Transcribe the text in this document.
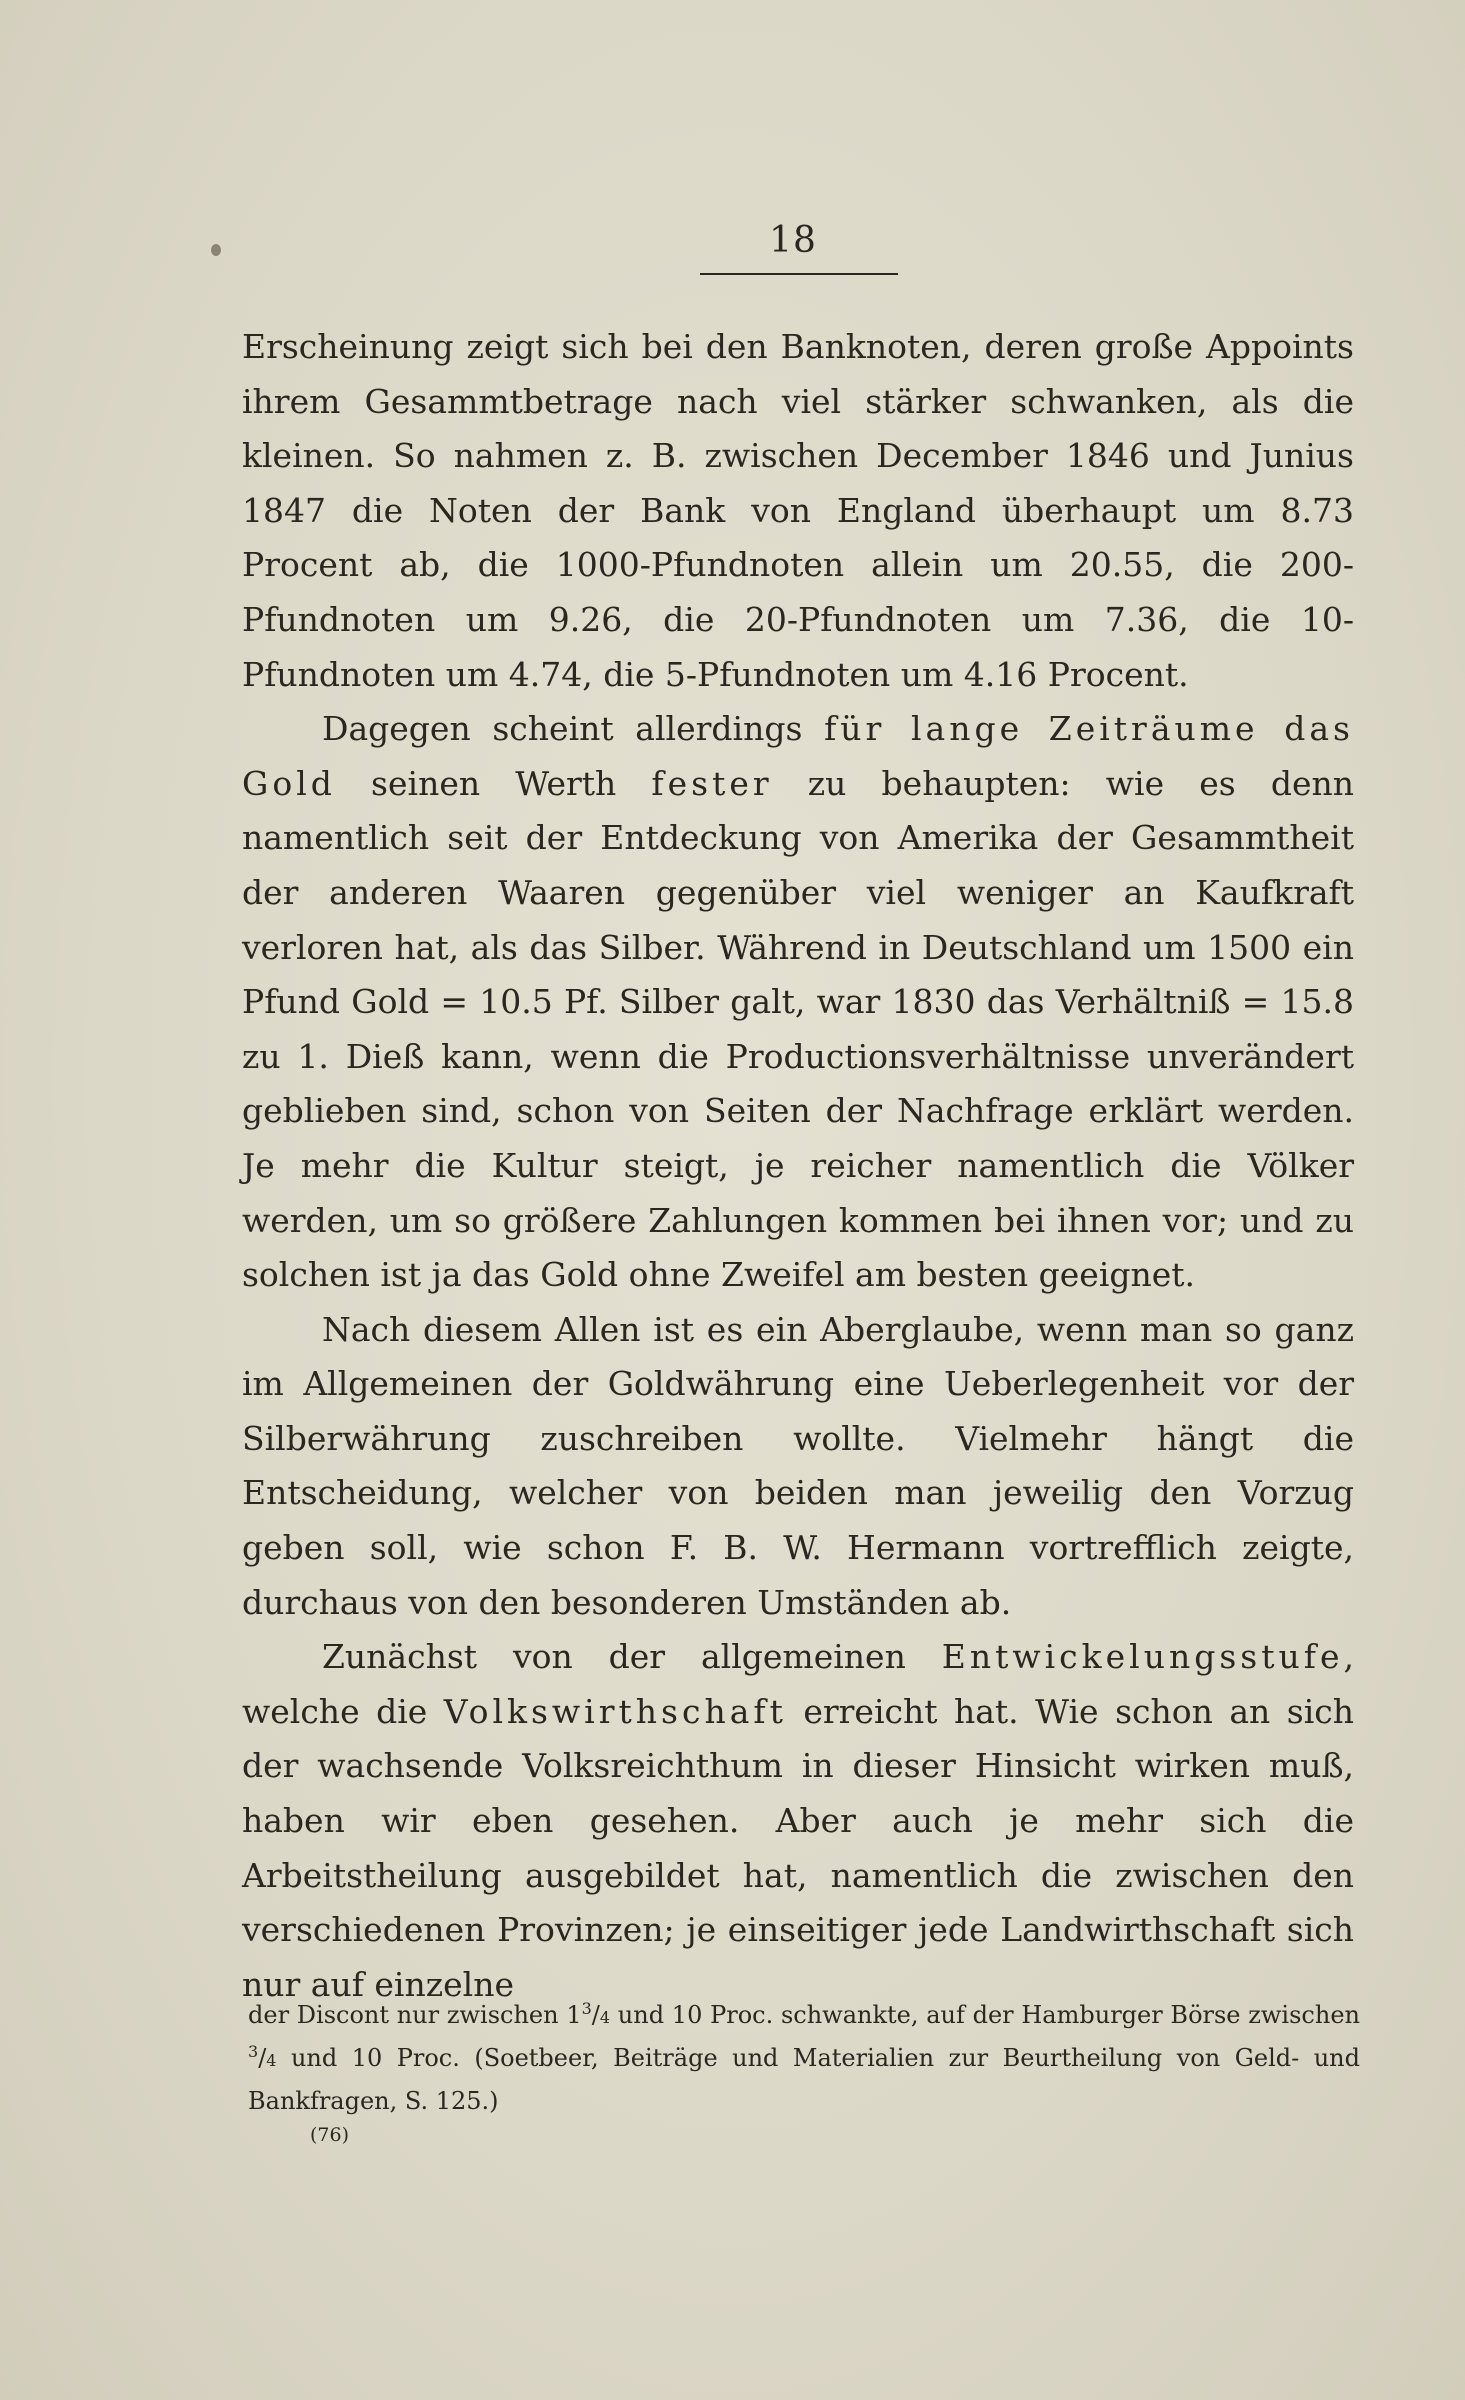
18

Erscheinung zeigt sich bei den Banknoten, deren große Appoints ihrem Gesammtbetrage nach viel stärker schwanken, als die kleinen. So nahmen z. B. zwischen December 1846 und Junius 1847 die Noten der Bank von England überhaupt um 8.73 Procent ab, die 1000-Pfundnoten allein um 20.55, die 200-Pfundnoten um 9.26, die 20-Pfundnoten um 7.36, die 10-Pfundnoten um 4.74, die 5-Pfundnoten um 4.16 Procent.

Dagegen scheint allerdings für lange Zeiträume das Gold seinen Werth fester zu behaupten: wie es denn namentlich seit der Entdeckung von Amerika der Gesammtheit der anderen Waaren gegenüber viel weniger an Kaufkraft verloren hat, als das Silber. Während in Deutschland um 1500 ein Pfund Gold = 10.5 Pf. Silber galt, war 1830 das Verhältniß = 15.8 zu 1. Dieß kann, wenn die Productionsverhältnisse unverändert geblieben sind, schon von Seiten der Nachfrage erklärt werden. Je mehr die Kultur steigt, je reicher namentlich die Völker werden, um so größere Zahlungen kommen bei ihnen vor; und zu solchen ist ja das Gold ohne Zweifel am besten geeignet.

Nach diesem Allen ist es ein Aberglaube, wenn man so ganz im Allgemeinen der Goldwährung eine Ueberlegenheit vor der Silberwährung zuschreiben wollte. Vielmehr hängt die Entscheidung, welcher von beiden man jeweilig den Vorzug geben soll, wie schon F. B. W. Hermann vortrefflich zeigte, durchaus von den besonderen Umständen ab.

Zunächst von der allgemeinen Entwickelungsstufe, welche die Volkswirthschaft erreicht hat. Wie schon an sich der wachsende Volksreichthum in dieser Hinsicht wirken muß, haben wir eben gesehen. Aber auch je mehr sich die Arbeitstheilung ausgebildet hat, namentlich die zwischen den verschiedenen Provinzen; je einseitiger jede Landwirthschaft sich nur auf einzelne

der Discont nur zwischen $1^3/4$ und 10 Proc. schwankte, auf der Hamburger Börse zwischen $^3$/4 und 10 Proc. (Soetbeer, Beiträge und Materialien zur Beurtheilung von Geld- und Bankfragen, S. 125.)

(76)
